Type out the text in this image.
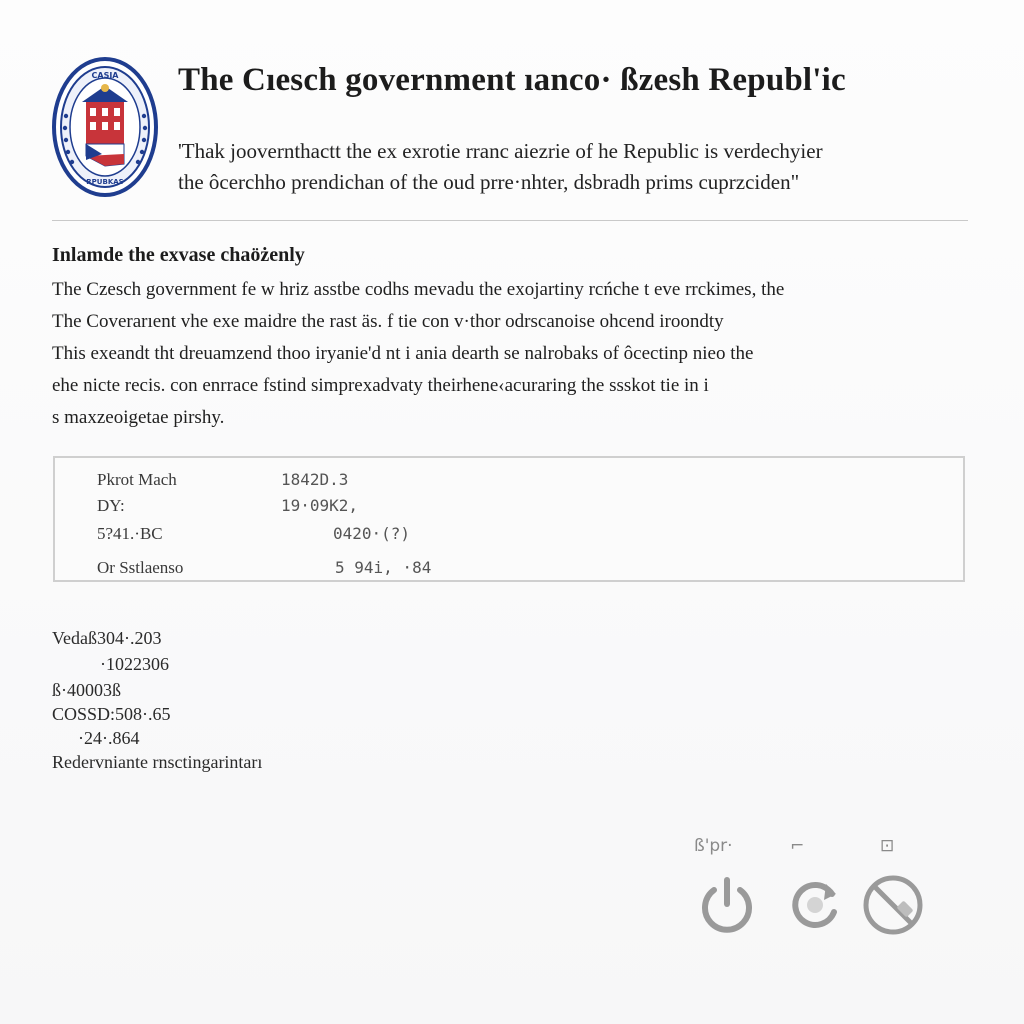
CASIA
RPUBKAS
The Cıesch government ıanco· ßzesh Republ'ic
'Thak joovernthactt the ex exrotie rranc aiezrie of he Republic is verdechyier
the ôcerchho prendichan of the oud prre·nhter, dsbradh prims cuprzciden"
Inlamde the exvase chaöżenly
The Czesch government fe w hriz asstbe codhs mevadu the exojartiny rcńche t eve rrckimes, the
The Coverarıent vhe exe maidre the rast äs. f tie con v·thor odrscanoise ohcend iroondty
This exeandt tht dreuamzend thoo iryanie'd nt i ania dearth se nalrobaks of ôcectinp nieo the
ehe nicte recis. con enrrace fstind simprexadvaty theirhene‹acuraring the ssskot tie in i
s maxzeoigetae pirshy.
Pkrot Mach	1842D.3
DY:	19·09K2,
5?41.·BC	0420·(?)
Or Sstlaenso	5 94i, ·84
Vedaß304·.203
·1022306
ß·40003ß
COSSD:508·.65
·24·.864
Redervniante rnsctingarintarı
ß'pr·	⌐	⊡
